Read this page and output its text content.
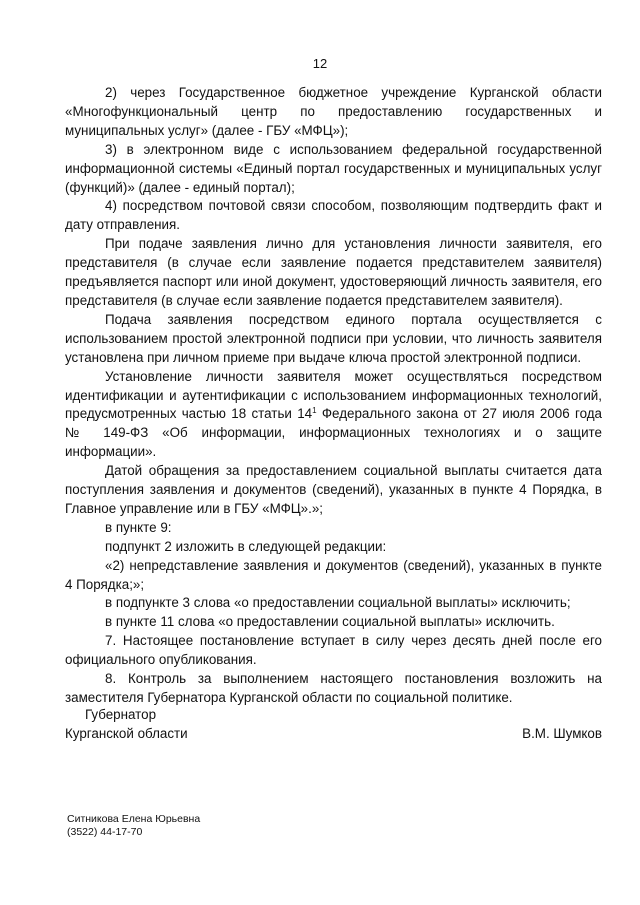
12

2) через Государственное бюджетное учреждение Курганской области «Многофункциональный центр по предоставлению государственных и муниципальных услуг» (далее - ГБУ «МФЦ»);

3) в электронном виде с использованием федеральной государственной информационной системы «Единый портал государственных и муниципальных услуг (функций)» (далее - единый портал);

4) посредством почтовой связи способом, позволяющим подтвердить факт и дату отправления.

При подаче заявления лично для установления личности заявителя, его представителя (в случае если заявление подается представителем заявителя) предъявляется паспорт или иной документ, удостоверяющий личность заявителя, его представителя (в случае если заявление подается представителем заявителя).

Подача заявления посредством единого портала осуществляется с использованием простой электронной подписи при условии, что личность заявителя установлена при личном приеме при выдаче ключа простой электронной подписи.

Установление личности заявителя может осуществляться посредством идентификации и аутентификации с использованием информационных технологий, предусмотренных частью 18 статьи $14^1$ Федерального закона от 27 июля 2006 года № 149-ФЗ «Об информации, информационных технологиях и о защите информации».

Датой обращения за предоставлением социальной выплаты считается дата поступления заявления и документов (сведений), указанных в пункте 4 Порядка, в Главное управление или в ГБУ «МФЦ».»;

в пункте 9:

подпункт 2 изложить в следующей редакции:

«2) непредставление заявления и документов (сведений), указанных в пункте 4 Порядка;»;

в подпункте 3 слова «о предоставлении социальной выплаты» исключить;

в пункте 11 слова «о предоставлении социальной выплаты» исключить.

7. Настоящее постановление вступает в силу через десять дней после его официального опубликования.

8. Контроль за выполнением настоящего постановления возложить на заместителя Губернатора Курганской области по социальной политике.

Губернатор
Курганской области	В.М. Шумков
Ситникова Елена Юрьевна
(3522) 44-17-70
